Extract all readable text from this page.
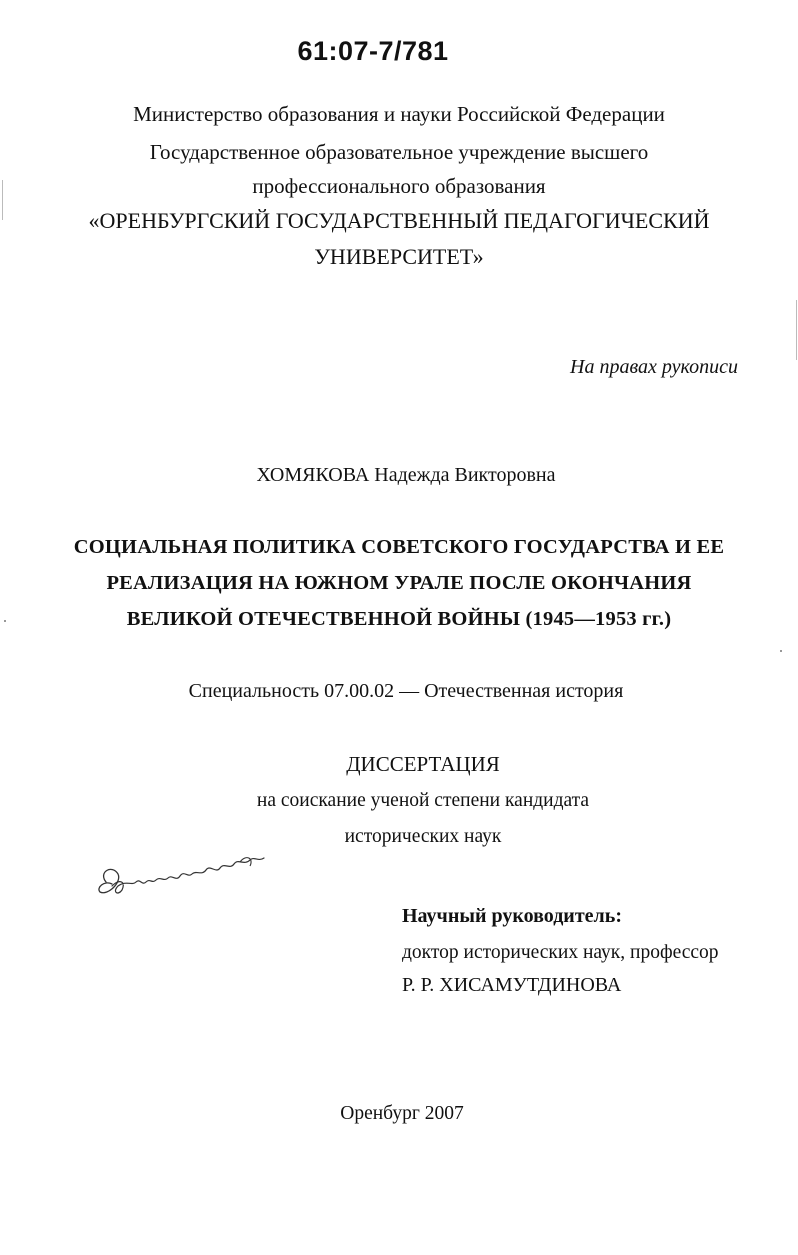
61:07-7/781
Министерство образования и науки Российской Федерации
Государственное образовательное учреждение высшего
профессионального образования
«ОРЕНБУРГСКИЙ ГОСУДАРСТВЕННЫЙ ПЕДАГОГИЧЕСКИЙ
УНИВЕРСИТЕТ»
На правах рукописи
ХОМЯКОВА Надежда Викторовна
СОЦИАЛЬНАЯ ПОЛИТИКА СОВЕТСКОГО ГОСУДАРСТВА И ЕЕ
РЕАЛИЗАЦИЯ НА ЮЖНОМ УРАЛЕ ПОСЛЕ ОКОНЧАНИЯ
ВЕЛИКОЙ ОТЕЧЕСТВЕННОЙ ВОЙНЫ (1945—1953 гг.)
Специальность 07.00.02 — Отечественная история
ДИССЕРТАЦИЯ
на соискание ученой степени кандидата
исторических наук
Научный руководитель:
доктор исторических наук, профессор
Р. Р. ХИСАМУТДИНОВА
Оренбург 2007
